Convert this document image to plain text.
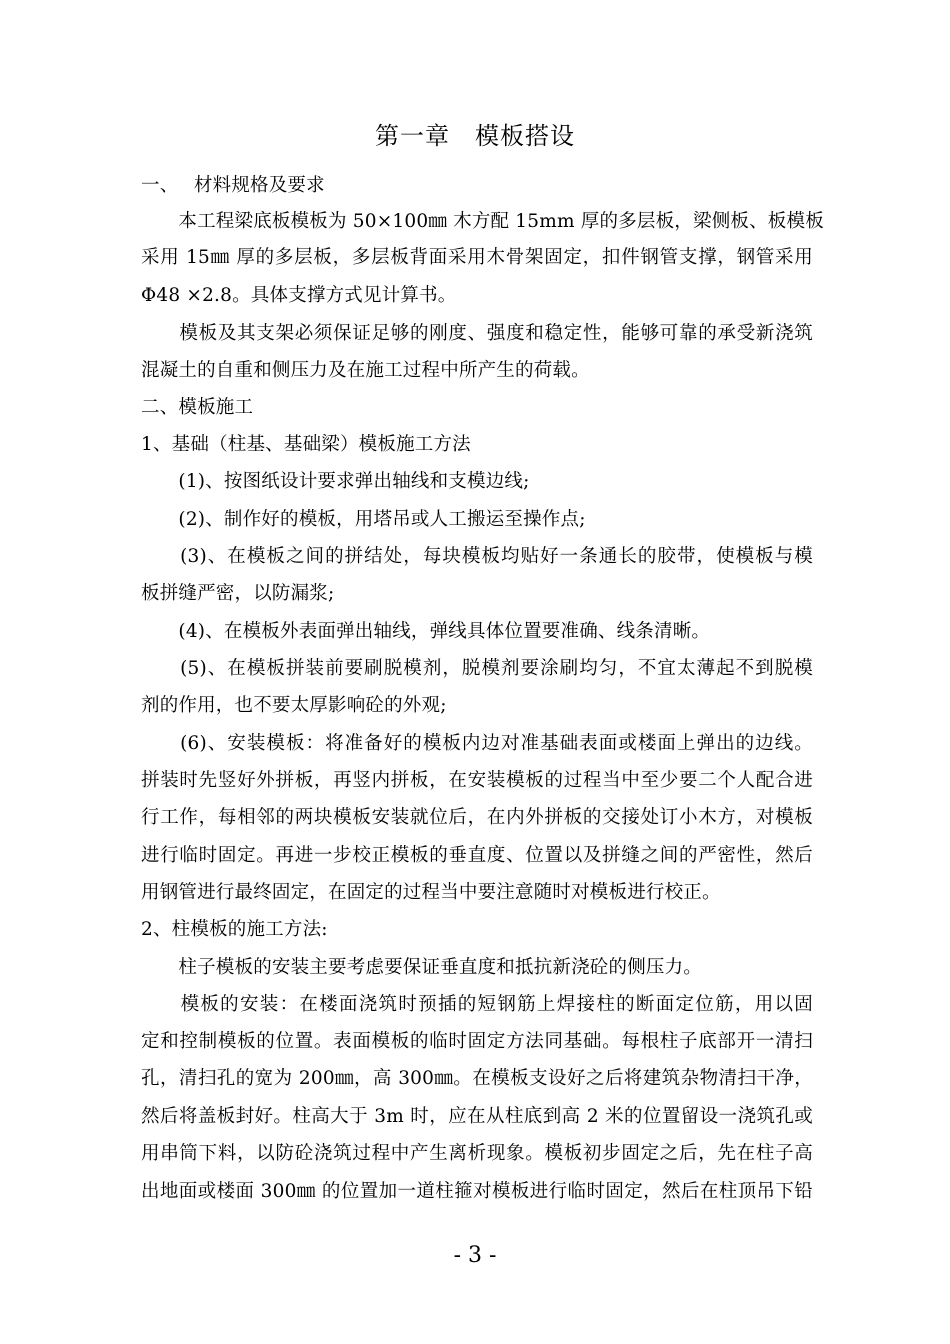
第一章　模板搭设
一、　 材料规格及要求
　　本工程梁底板模板为 50×100㎜ 木方配 15mm 厚的多层板，梁侧板、板模板
采用 15㎜ 厚的多层板，多层板背面采用木骨架固定，扣件钢管支撑，钢管采用
Φ48 ×2.8。具体支撑方式见计算书。
　　模板及其支架必须保证足够的刚度、强度和稳定性，能够可靠的承受新浇筑
混凝土的自重和侧压力及在施工过程中所产生的荷载。
二、模板施工
1、基础（柱基、基础梁）模板施工方法
　　(1)、按图纸设计要求弹出轴线和支模边线;
　　(2)、制作好的模板，用塔吊或人工搬运至操作点;
　　(3)、在模板之间的拼结处，每块模板均贴好一条通长的胶带，使模板与模
板拼缝严密，以防漏浆;
　　(4)、在模板外表面弹出轴线，弹线具体位置要准确、线条清晰。
　　(5)、在模板拼装前要刷脱模剂，脱模剂要涂刷均匀，不宜太薄起不到脱模
剂的作用，也不要太厚影响砼的外观;
　　(6)、安装模板：将准备好的模板内边对准基础表面或楼面上弹出的边线。
拼装时先竖好外拼板，再竖内拼板，在安装模板的过程当中至少要二个人配合进
行工作，每相邻的两块模板安装就位后，在内外拼板的交接处订小木方，对模板
进行临时固定。再进一步校正模板的垂直度、位置以及拼缝之间的严密性，然后
用钢管进行最终固定，在固定的过程当中要注意随时对模板进行校正。
2、柱模板的施工方法:
　　柱子模板的安装主要考虑要保证垂直度和抵抗新浇砼的侧压力。
　　模板的安装：在楼面浇筑时预插的短钢筋上焊接柱的断面定位筋，用以固
定和控制模板的位置。表面模板的临时固定方法同基础。每根柱子底部开一清扫
孔，清扫孔的宽为 200㎜，高 300㎜。在模板支设好之后将建筑杂物清扫干净，
然后将盖板封好。柱高大于 3m 时，应在从柱底到高 2 米的位置留设一浇筑孔或
用串筒下料，以防砼浇筑过程中产生离析现象。模板初步固定之后，先在柱子高
出地面或楼面 300㎜ 的位置加一道柱箍对模板进行临时固定，然后在柱顶吊下铅
- 3 -
